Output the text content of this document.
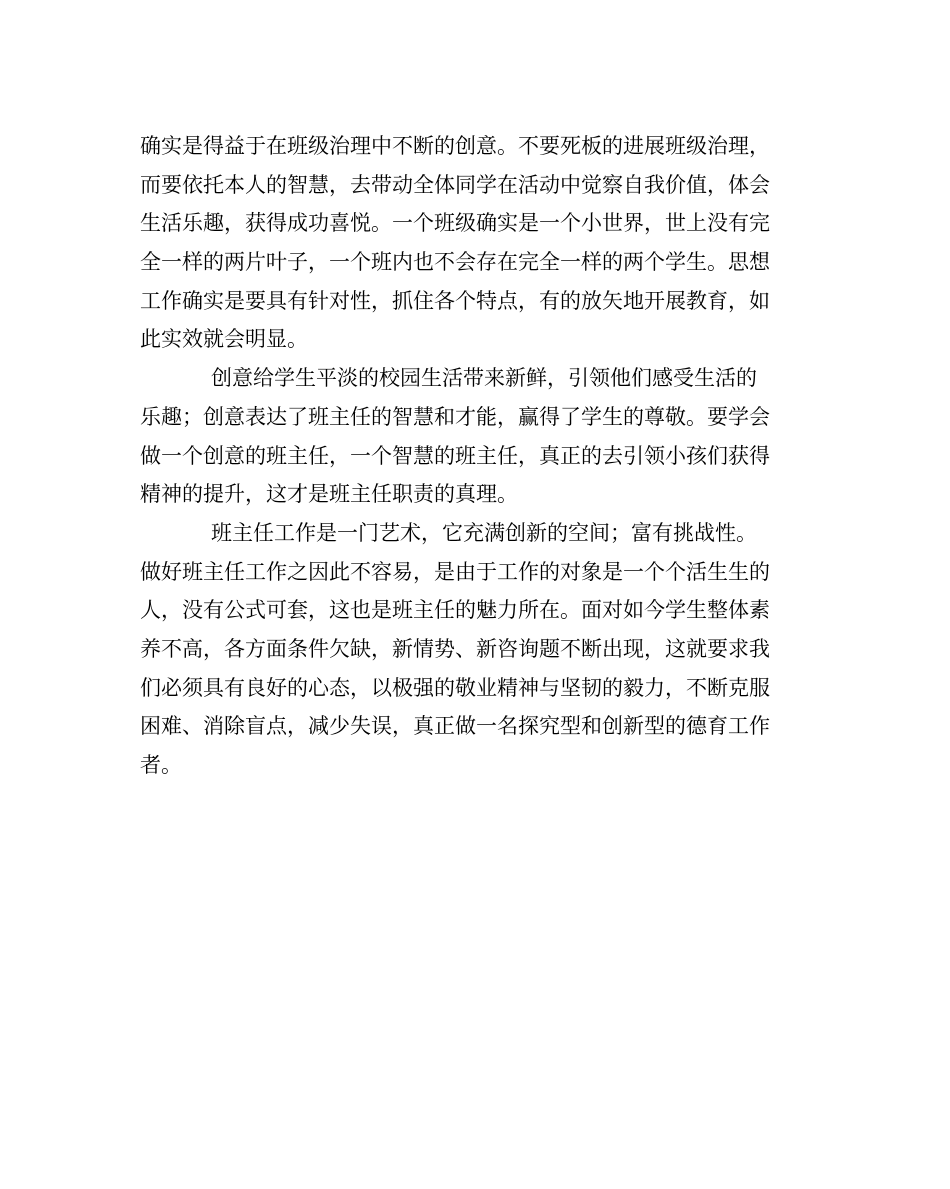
确实是得益于在班级治理中不断的创意。不要死板的进展班级治理，
而要依托本人的智慧，去带动全体同学在活动中觉察自我价值，体会
生活乐趣，获得成功喜悦。一个班级确实是一个小世界，世上没有完
全一样的两片叶子，一个班内也不会存在完全一样的两个学生。思想
工作确实是要具有针对性，抓住各个特点，有的放矢地开展教育，如
此实效就会明显。
创意给学生平淡的校园生活带来新鲜，引领他们感受生活的
乐趣；创意表达了班主任的智慧和才能，赢得了学生的尊敬。要学会
做一个创意的班主任，一个智慧的班主任，真正的去引领小孩们获得
精神的提升，这才是班主任职责的真理。
班主任工作是一门艺术，它充满创新的空间；富有挑战性。
做好班主任工作之因此不容易，是由于工作的对象是一个个活生生的
人，没有公式可套，这也是班主任的魅力所在。面对如今学生整体素
养不高，各方面条件欠缺，新情势、新咨询题不断出现，这就要求我
们必须具有良好的心态，以极强的敬业精神与坚韧的毅力，不断克服
困难、消除盲点，减少失误，真正做一名探究型和创新型的德育工作
者。
